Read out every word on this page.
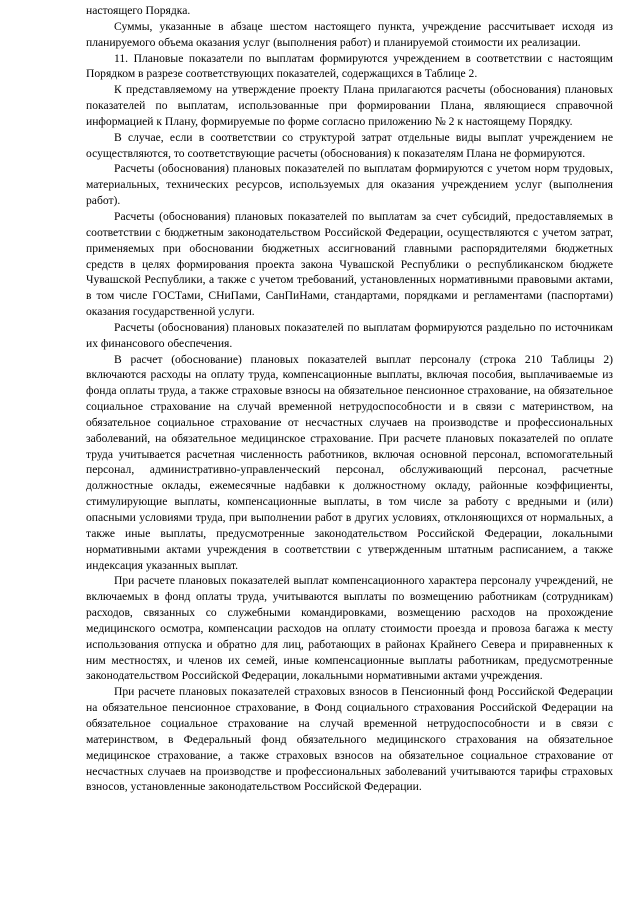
настоящего Порядка.

Суммы, указанные в абзаце шестом настоящего пункта, учреждение рассчитывает исходя из планируемого объема оказания услуг (выполнения работ) и планируемой стоимости их реализации.

11. Плановые показатели по выплатам формируются учреждением в соответствии с настоящим Порядком в разрезе соответствующих показателей, содержащихся в Таблице 2.

К представляемому на утверждение проекту Плана прилагаются расчеты (обоснования) плановых показателей по выплатам, использованные при формировании Плана, являющиеся справочной информацией к Плану, формируемые по форме согласно приложению № 2 к настоящему Порядку.

В случае, если в соответствии со структурой затрат отдельные виды выплат учреждением не осуществляются, то соответствующие расчеты (обоснования) к показателям Плана не формируются.

Расчеты (обоснования) плановых показателей по выплатам формируются с учетом норм трудовых, материальных, технических ресурсов, используемых для оказания учреждением услуг (выполнения работ).

Расчеты (обоснования) плановых показателей по выплатам за счет субсидий, предоставляемых в соответствии с бюджетным законодательством Российской Федерации, осуществляются с учетом затрат, применяемых при обосновании бюджетных ассигнований главными распорядителями бюджетных средств в целях формирования проекта закона Чувашской Республики о республиканском бюджете Чувашской Республики, а также с учетом требований, установленных нормативными правовыми актами, в том числе ГОСТами, СНиПами, СанПиНами, стандартами, порядками и регламентами (паспортами) оказания государственной услуги.

Расчеты (обоснования) плановых показателей по выплатам формируются раздельно по источникам их финансового обеспечения.

В расчет (обоснование) плановых показателей выплат персоналу (строка 210 Таблицы 2) включаются расходы на оплату труда, компенсационные выплаты, включая пособия, выплачиваемые из фонда оплаты труда, а также страховые взносы на обязательное пенсионное страхование, на обязательное социальное страхование на случай временной нетрудоспособности и в связи с материнством, на обязательное социальное страхование от несчастных случаев на производстве и профессиональных заболеваний, на обязательное медицинское страхование. При расчете плановых показателей по оплате труда учитывается расчетная численность работников, включая основной персонал, вспомогательный персонал, административно-управленческий персонал, обслуживающий персонал, расчетные должностные оклады, ежемесячные надбавки к должностному окладу, районные коэффициенты, стимулирующие выплаты, компенсационные выплаты, в том числе за работу с вредными и (или) опасными условиями труда, при выполнении работ в других условиях, отклоняющихся от нормальных, а также иные выплаты, предусмотренные законодательством Российской Федерации, локальными нормативными актами учреждения в соответствии с утвержденным штатным расписанием, а также индексация указанных выплат.

При расчете плановых показателей выплат компенсационного характера персоналу учреждений, не включаемых в фонд оплаты труда, учитываются выплаты по возмещению работникам (сотрудникам) расходов, связанных со служебными командировками, возмещению расходов на прохождение медицинского осмотра, компенсации расходов на оплату стоимости проезда и провоза багажа к месту использования отпуска и обратно для лиц, работающих в районах Крайнего Севера и приравненных к ним местностях, и членов их семей, иные компенсационные выплаты работникам, предусмотренные законодательством Российской Федерации, локальными нормативными актами учреждения.

При расчете плановых показателей страховых взносов в Пенсионный фонд Российской Федерации на обязательное пенсионное страхование, в Фонд социального страхования Российской Федерации на обязательное социальное страхование на случай временной нетрудоспособности и в связи с материнством, в Федеральный фонд обязательного медицинского страхования на обязательное медицинское страхование, а также страховых взносов на обязательное социальное страхование от несчастных случаев на производстве и профессиональных заболеваний учитываются тарифы страховых взносов, установленные законодательством Российской Федерации.
